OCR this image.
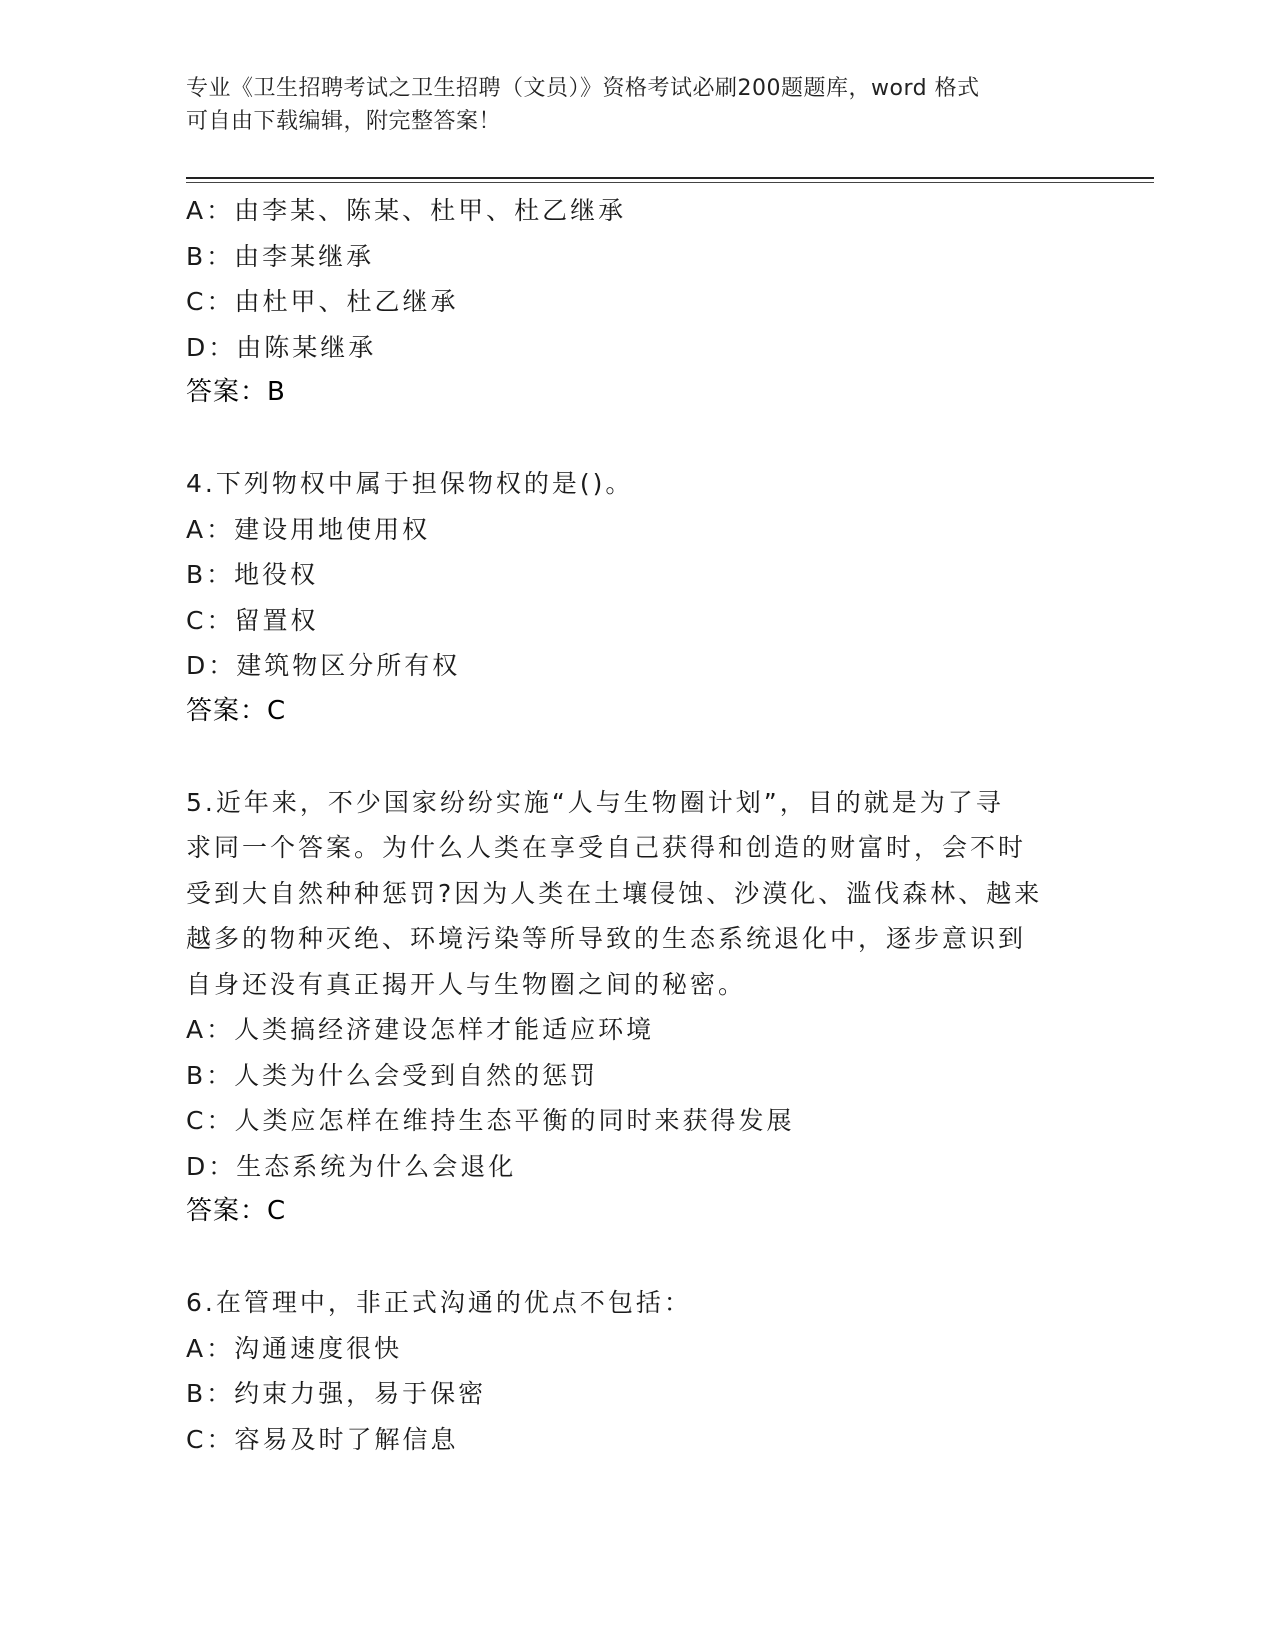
专业《卫生招聘考试之卫生招聘（文员）》资格考试必刷200题题库，word 格式
可自由下载编辑，附完整答案！
A：由李某、陈某、杜甲、杜乙继承
B：由李某继承
C：由杜甲、杜乙继承
D：由陈某继承
答案：B
4.下列物权中属于担保物权的是()。
A：建设用地使用权
B：地役权
C：留置权
D：建筑物区分所有权
答案：C
5.近年来，不少国家纷纷实施“人与生物圈计划”，目的就是为了寻
求同一个答案。为什么人类在享受自己获得和创造的财富时，会不时
受到大自然种种惩罚?因为人类在土壤侵蚀、沙漠化、滥伐森林、越来
越多的物种灭绝、环境污染等所导致的生态系统退化中，逐步意识到
自身还没有真正揭开人与生物圈之间的秘密。
A：人类搞经济建设怎样才能适应环境
B：人类为什么会受到自然的惩罚
C：人类应怎样在维持生态平衡的同时来获得发展
D：生态系统为什么会退化
答案：C
6.在管理中，非正式沟通的优点不包括：
A：沟通速度很快
B：约束力强，易于保密
C：容易及时了解信息
